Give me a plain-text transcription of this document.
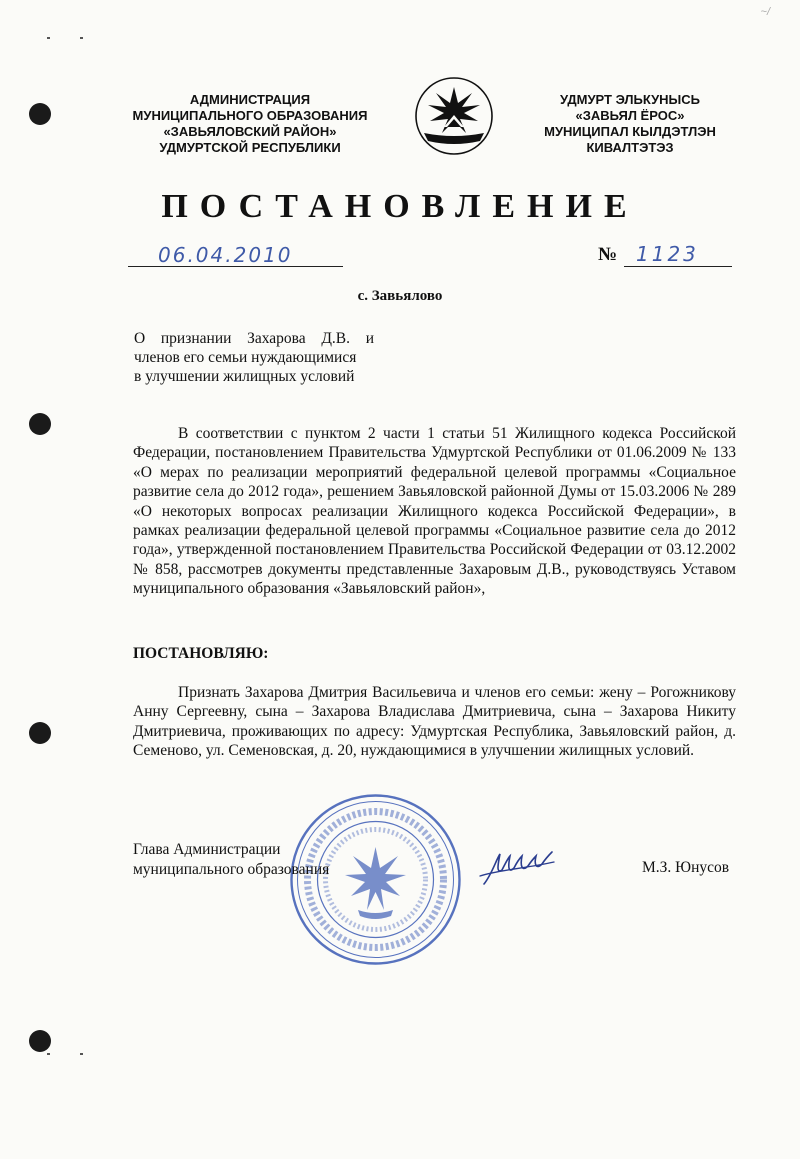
~/
АДМИНИСТРАЦИЯ
МУНИЦИПАЛЬНОГО ОБРАЗОВАНИЯ
«ЗАВЬЯЛОВСКИЙ РАЙОН»
УДМУРТСКОЙ РЕСПУБЛИКИ
УДМУРТ ЭЛЬКУНЫСЬ
«ЗАВЬЯЛ ЁРОС»
МУНИЦИПАЛ КЫЛДЭТЛЭН
КИВАЛТЭТЭЗ
ПОСТАНОВЛЕНИЕ
06.04.2010	№ 1123
с. Завьялово
О признании Захарова Д.В. и
членов его семьи нуждающимися
в улучшении жилищных условий
В соответствии с пунктом 2 части 1 статьи 51 Жилищного кодекса Российской Федерации, постановлением Правительства Удмуртской Республики от 01.06.2009 № 133 «О мерах по реализации мероприятий федеральной целевой программы «Социальное развитие села до 2012 года», решением Завьяловской районной Думы от 15.03.2006 № 289 «О некоторых вопросах реализации Жилищного кодекса Российской Федерации», в рамках реализации федеральной целевой программы «Социальное развитие села до 2012 года», утвержденной постановлением Правительства Российской Федерации от 03.12.2002 № 858, рассмотрев документы представленные Захаровым Д.В., руководствуясь Уставом муниципального образования «Завьяловский район»,
ПОСТАНОВЛЯЮ:
Признать Захарова Дмитрия Васильевича и членов его семьи: жену – Рогожникову Анну Сергеевну, сына – Захарова Владислава Дмитриевича, сына – Захарова Никиту Дмитриевича, проживающих по адресу: Удмуртская Республика, Завьяловский район, д. Семеново, ул. Семеновская, д. 20, нуждающимися в улучшении жилищных условий.
Глава Администрации
муниципального образования	М.З. Юнусов
